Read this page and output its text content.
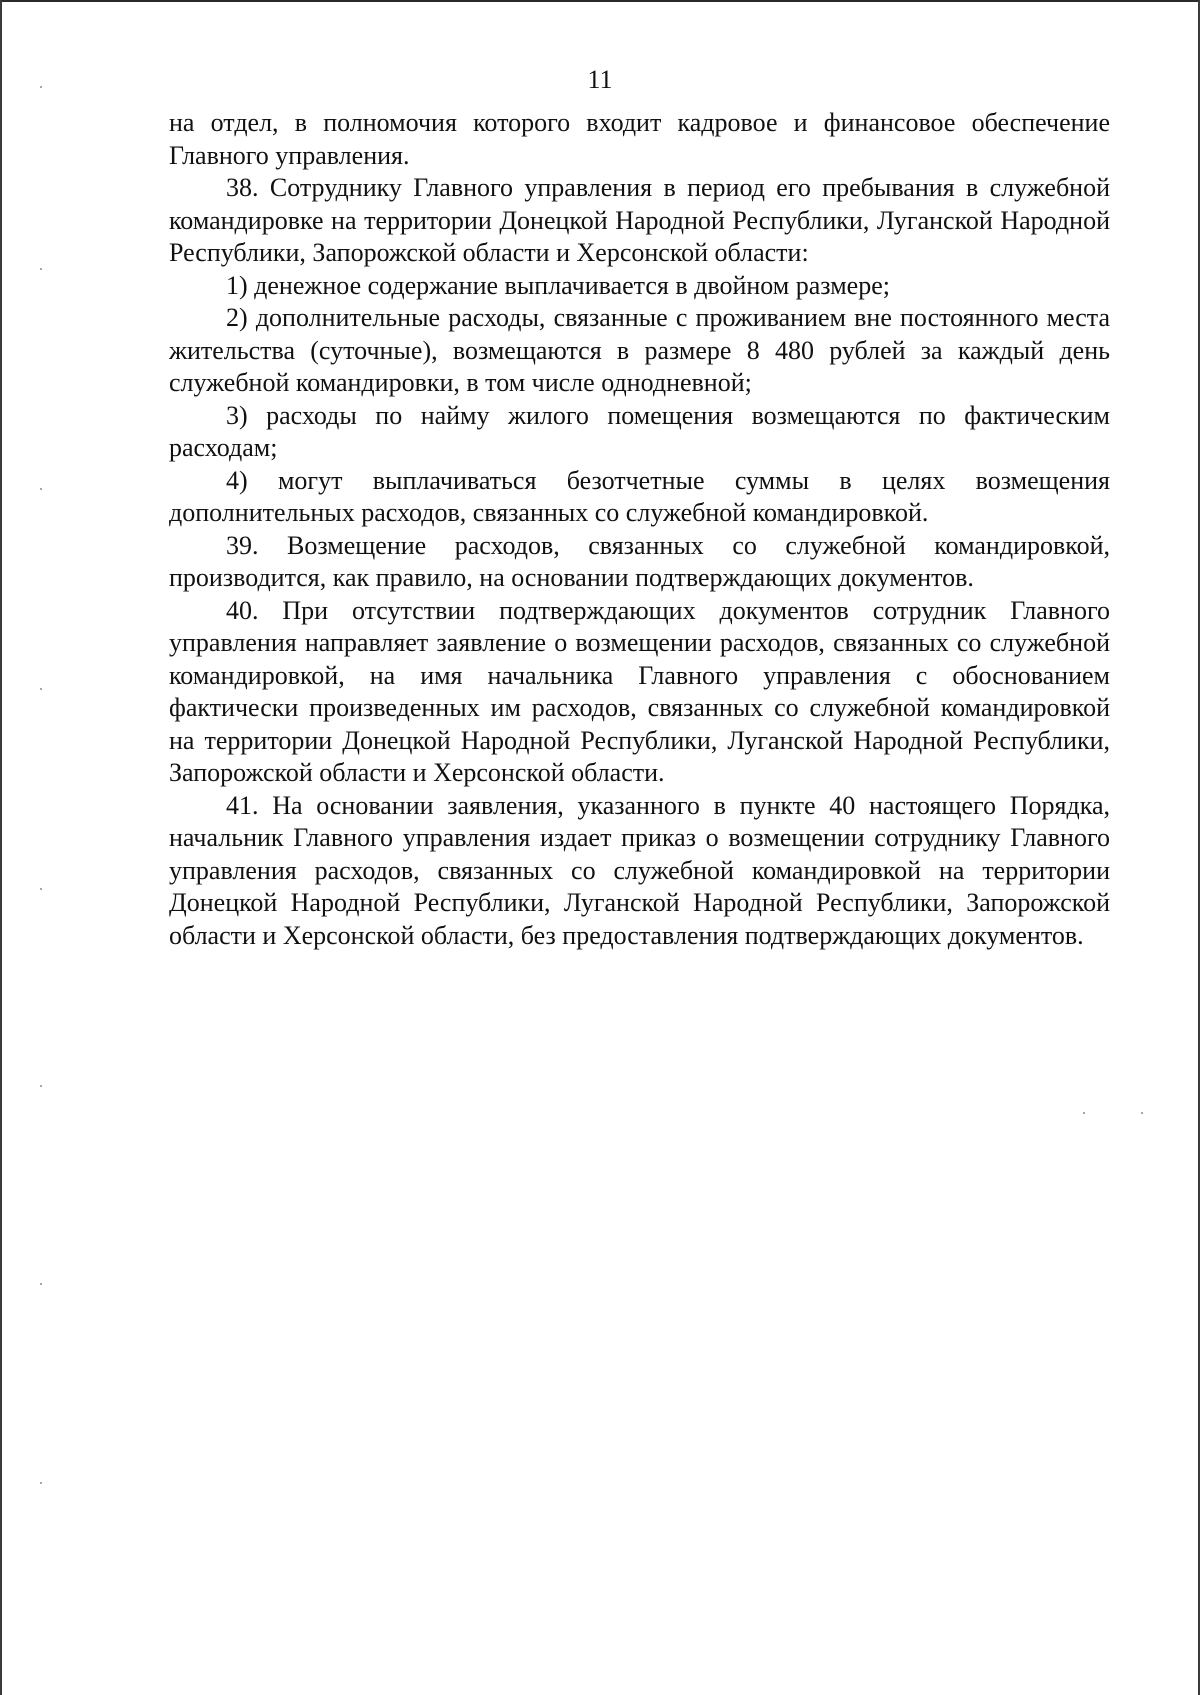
11

на отдел, в полномочия которого входит кадровое и финансовое обеспечение Главного управления.

38. Сотруднику Главного управления в период его пребывания в служебной командировке на территории Донецкой Народной Республики, Луганской Народной Республики, Запорожской области и Херсонской области:

1) денежное содержание выплачивается в двойном размере;

2) дополнительные расходы, связанные с проживанием вне постоянного места жительства (суточные), возмещаются в размере 8 480 рублей за каждый день служебной командировки, в том числе однодневной;

3) расходы по найму жилого помещения возмещаются по фактическим расходам;

4) могут выплачиваться безотчетные суммы в целях возмещения дополнительных расходов, связанных со служебной командировкой.

39. Возмещение расходов, связанных со служебной командировкой, производится, как правило, на основании подтверждающих документов.

40. При отсутствии подтверждающих документов сотрудник Главного управления направляет заявление о возмещении расходов, связанных со служебной командировкой, на имя начальника Главного управления с обоснованием фактически произведенных им расходов, связанных со служебной командировкой на территории Донецкой Народной Республики, Луганской Народной Республики, Запорожской области и Херсонской области.

41. На основании заявления, указанного в пункте 40 настоящего Порядка, начальник Главного управления издает приказ о возмещении сотруднику Главного управления расходов, связанных со служебной командировкой на территории Донецкой Народной Республики, Луганской Народной Республики, Запорожской области и Херсонской области, без предоставления подтверждающих документов.
